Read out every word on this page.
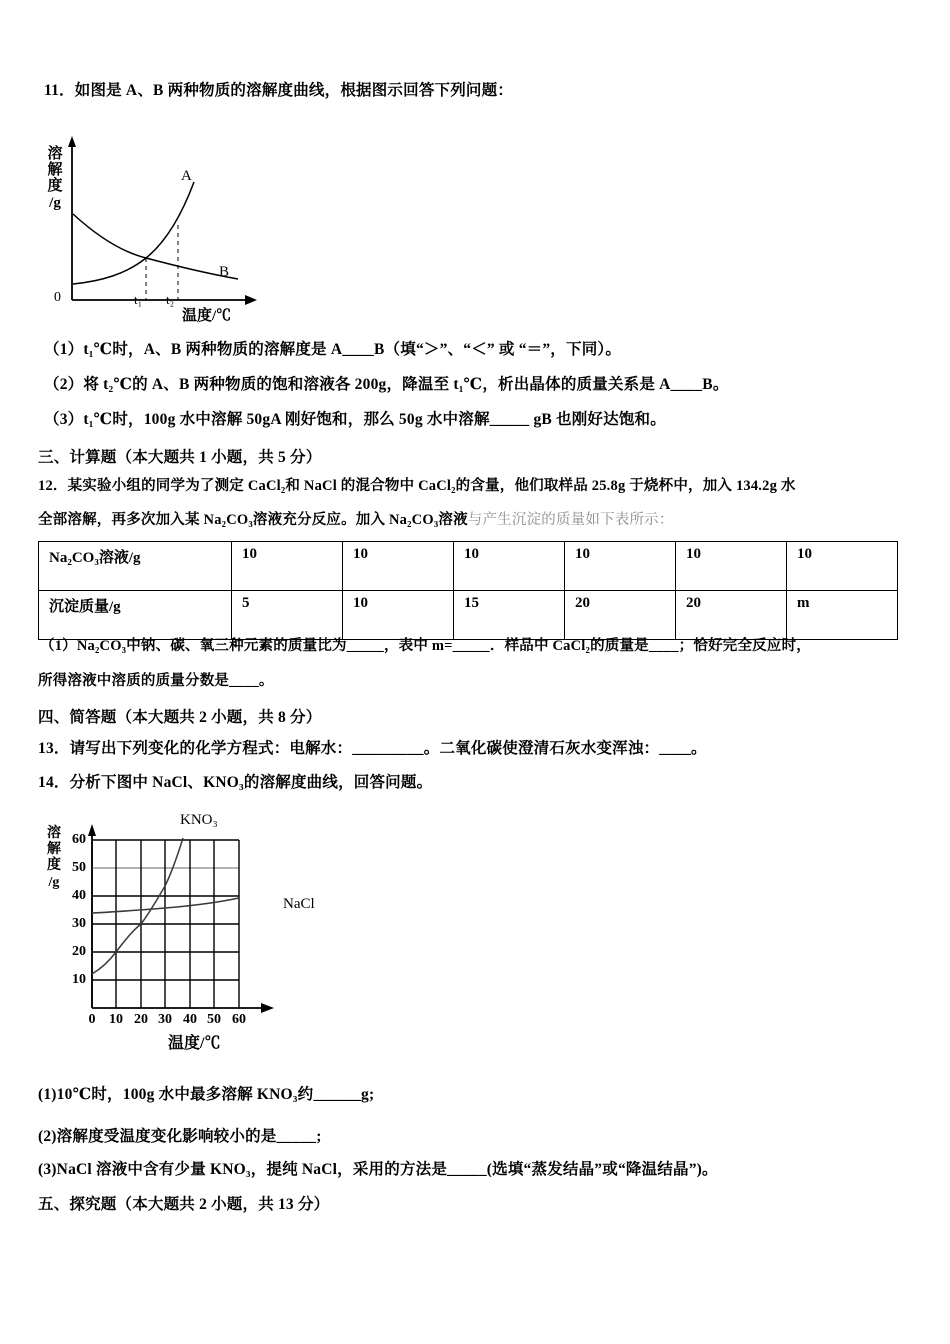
11．如图是 A、B 两种物质的溶解度曲线，根据图示回答下列问题：
溶
解
度
/g
0	t₁ t₂
A
B
温度/℃
（1）t₁℃时，A、B 两种物质的溶解度是 A____B（填“＞”、“＜” 或 “＝”，下同）。
（2）将 t₂℃的 A、B 两种物质的饱和溶液各 200g，降温至 t₁℃，析出晶体的质量关系是 A____B。
（3）t₁℃时，100g 水中溶解 50gA 刚好饱和，那么 50g 水中溶解_____ gB 也刚好达饱和。
三、计算题（本大题共 1 小题，共 5 分）
12．某实验小组的同学为了测定 CaCl₂和 NaCl 的混合物中 CaCl₂的含量，他们取样品 25.8g 于烧杯中，加入 134.2g 水
全部溶解，再多次加入某 Na₂CO₃溶液充分反应。加入 Na₂CO₃溶液与产生沉淀的质量如下表所示：
Na₂CO₃溶液/g	10	10	10	10	10	10
沉淀质量/g	5	10	15	20	20	m
（1）Na₂CO₃中钠、碳、氧三种元素的质量比为_____，表中 m=_____．样品中 CaCl₂的质量是____；恰好完全反应时，
所得溶液中溶质的质量分数是____。
四、简答题（本大题共 2 小题，共 8 分）
13．请写出下列变化的化学方程式：电解水：_________。二氧化碳使澄清石灰水变浑浊：____。
14．分析下图中 NaCl、KNO₃的溶解度曲线，回答问题。
溶
解
度
/g
60
50
40
30
20
10
0 10 20 30 40 50 60
KNO₃
NaCl
温度/℃
(1)10℃时，100g 水中最多溶解 KNO₃约______g;
(2)溶解度受温度变化影响较小的是_____;
(3)NaCl 溶液中含有少量 KNO₃，提纯 NaCl，采用的方法是_____(选填“蒸发结晶”或“降温结晶”)。
五、探究题（本大题共 2 小题，共 13 分）
